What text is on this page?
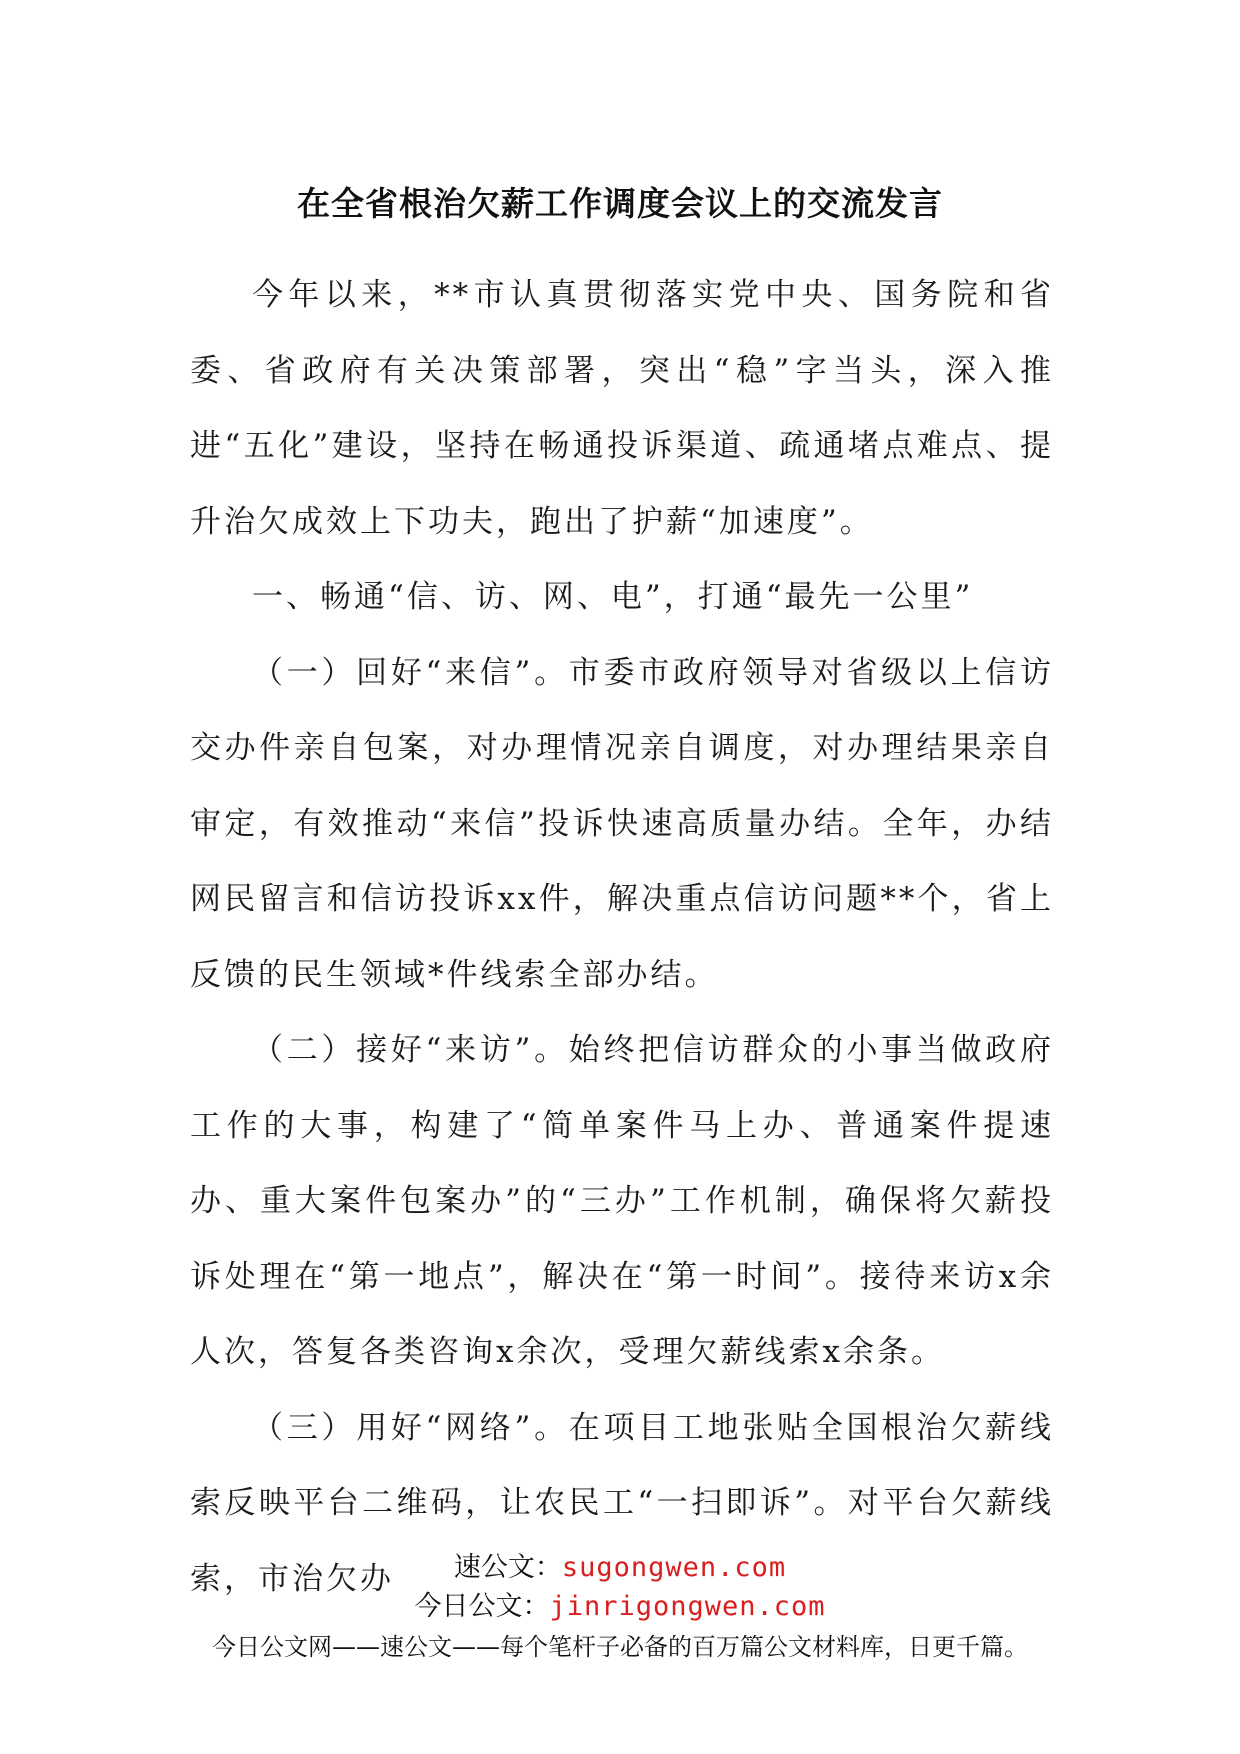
在全省根治欠薪工作调度会议上的交流发言

今年以来，**市认真贯彻落实党中央、国务院和省委、省政府有关决策部署，突出“稳”字当头，深入推进“五化”建设，坚持在畅通投诉渠道、疏通堵点难点、提升治欠成效上下功夫，跑出了护薪“加速度”。

一、畅通“信、访、网、电”，打通“最先一公里”

（一）回好“来信”。市委市政府领导对省级以上信访交办件亲自包案，对办理情况亲自调度，对办理结果亲自审定，有效推动“来信”投诉快速高质量办结。全年，办结网民留言和信访投诉xx件，解决重点信访问题**个，省上反馈的民生领域*件线索全部办结。

（二）接好“来访”。始终把信访群众的小事当做政府工作的大事，构建了“简单案件马上办、普通案件提速办、重大案件包案办”的“三办”工作机制，确保将欠薪投诉处理在“第一地点”，解决在“第一时间”。接待来访x余人次，答复各类咨询x余次，受理欠薪线索x余条。

（三）用好“网络”。在项目工地张贴全国根治欠薪线索反映平台二维码，让农民工“一扫即诉”。对平台欠薪线索，市治欠办	速公文：sugongwen.com
今日公文：jinrigongwen.com
今日公文网——速公文——每个笔杆子必备的百万篇公文材料库，日更千篇。
